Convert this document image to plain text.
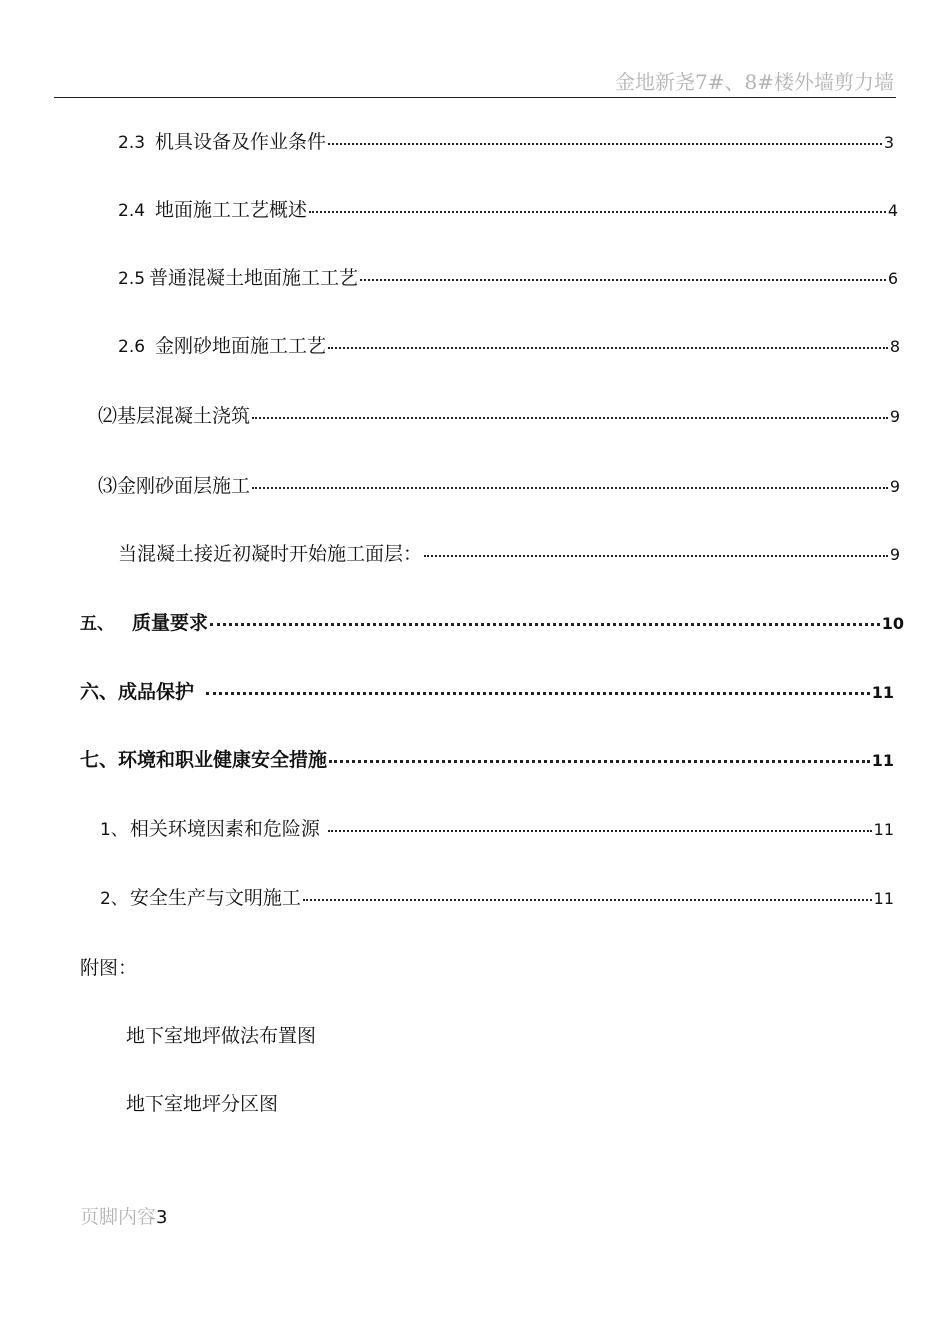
金地新尧7#、8#楼外墙剪力墙
2.3 机具设备及作业条件	3
2.4 地面施工工艺概述	4
2.5 普通混凝土地面施工工艺	6
2.6 金刚砂地面施工工艺	8
⑵基层混凝土浇筑	9
⑶金刚砂面层施工	9
当混凝土接近初凝时开始施工面层：	9
五、 质量要求	10
六、成品保护	11
七、环境和职业健康安全措施	11
1、 相关环境因素和危险源	11
2、 安全生产与文明施工	11
附图：
地下室地坪做法布置图
地下室地坪分区图
页脚内容3
